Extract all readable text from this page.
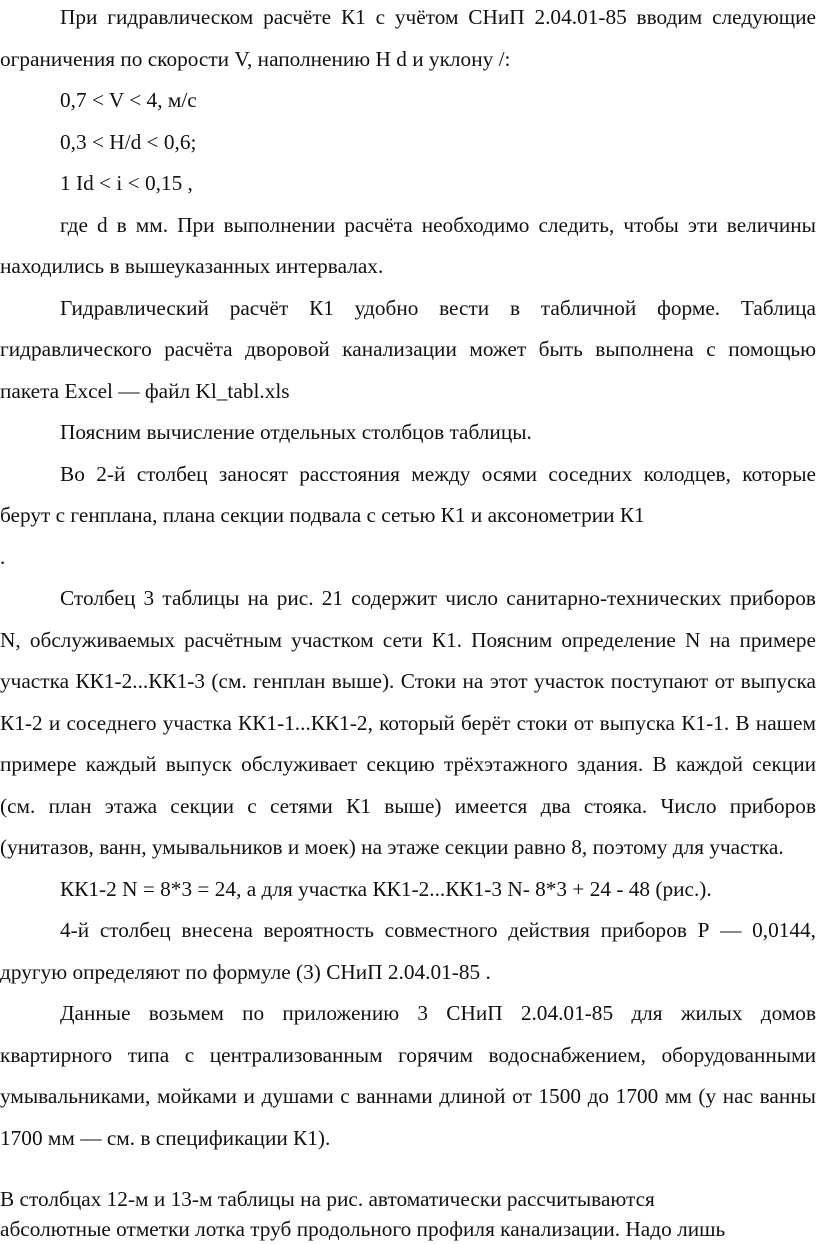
При гидравлическом расчёте К1 с учётом СНиП 2.04.01-85 вводим следующие ограничения по скорости V, наполнению H d и уклону /:

0,7 < V < 4, м/с

0,3 < H/d < 0,6;

1 Id < i < 0,15 ,

где d в мм. При выполнении расчёта необходимо следить, чтобы эти величины находились в вышеуказанных интервалах.

Гидравлический расчёт К1 удобно вести в табличной форме. Таблица гидравлического расчёта дворовой канализации может быть выполнена с помощью пакета Excel — файл Kl_tabl.xls

Поясним вычисление отдельных столбцов таблицы.

Во 2-й столбец заносят расстояния между осями соседних колодцев, которые берут с генплана, плана секции подвала с сетью К1 и аксонометрии К1

.

Столбец 3 таблицы на рис. 21 содержит число санитарно-технических приборов N, обслуживаемых расчётным участком сети К1. Поясним определение N на примере участка КК1-2...КК1-3 (см. генплан выше). Стоки на этот участок поступают от выпуска К1-2 и соседнего участка КК1-1...КК1-2, который берёт стоки от выпуска К1-1. В нашем примере каждый выпуск обслуживает секцию трёхэтажного здания. В каждой секции (см. план этажа секции с сетями К1 выше) имеется два стояка. Число приборов (унитазов, ванн, умывальников и моек) на этаже секции равно 8, поэтому для участка.

КК1-2 N = 8*3 = 24, а для участка КК1-2...КК1-3 N- 8*3 + 24 - 48 (рис.).

4-й столбец внесена вероятность совместного действия приборов Р — 0,0144, другую определяют по формуле (3) СНиП 2.04.01-85 .

Данные возьмем по приложению 3 СНиП 2.04.01-85 для жилых домов квартирного типа с централизованным горячим водоснабжением, оборудованными умывальниками, мойками и душами с ваннами длиной от 1500 до 1700 мм (у нас ванны 1700 мм — см. в спецификации К1).

В столбцах 12-м и 13-м таблицы на рис. автоматически рассчитываются

абсолютные отметки лотка труб продольного профиля канализации. Надо лишь
